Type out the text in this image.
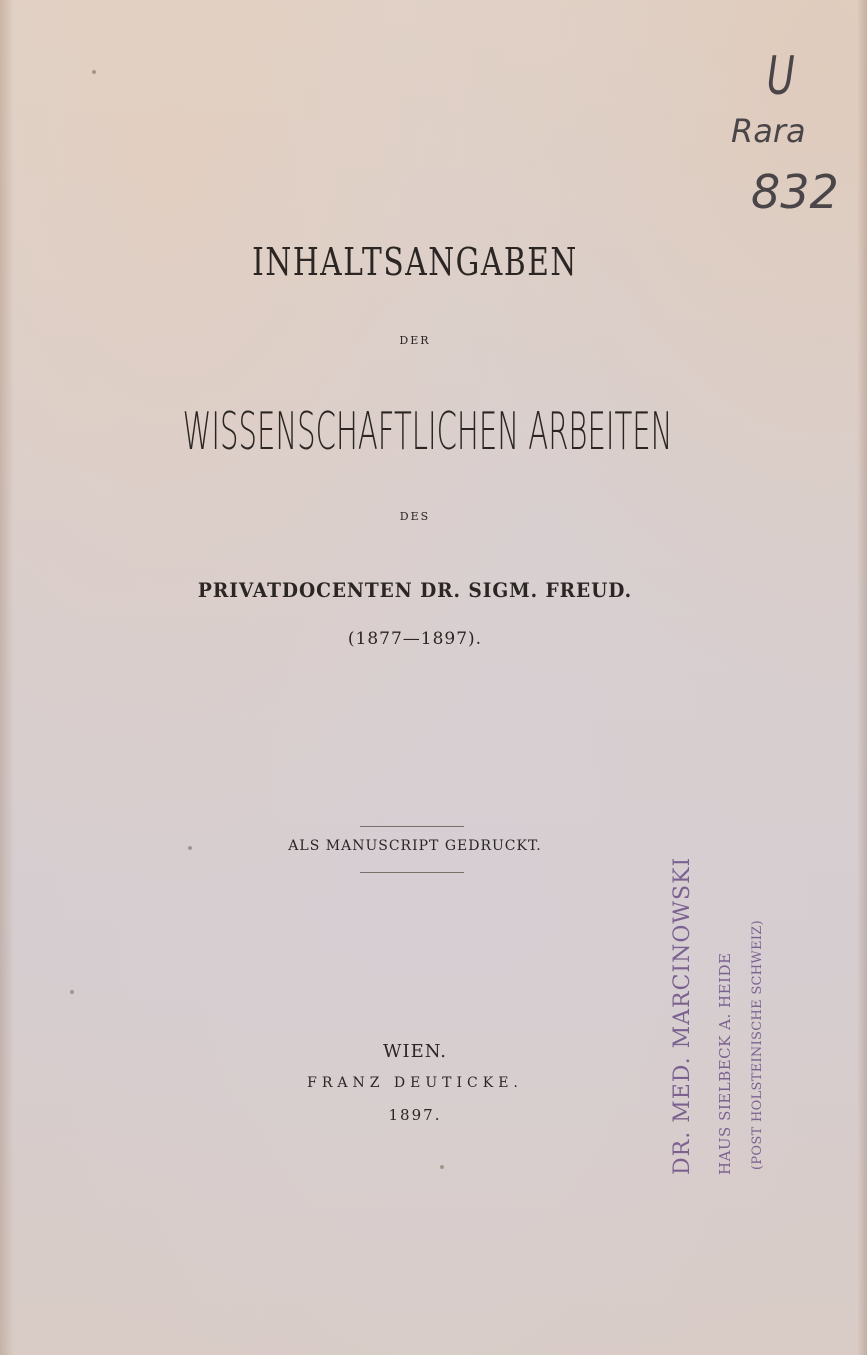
U
Rara
832
INHALTSANGABEN
DER
WISSENSCHAFTLICHEN ARBEITEN
DES
PRIVATDOCENTEN DR. SIGM. FREUD.
(1877—1897).
ALS MANUSCRIPT GEDRUCKT.
WIEN.
FRANZ DEUTICKE.
1897.	DR. MED. MARCINOWSKI HAUS SIELBECK A. HEIDE (POST HOLSTEINISCHE SCHWEIZ)
